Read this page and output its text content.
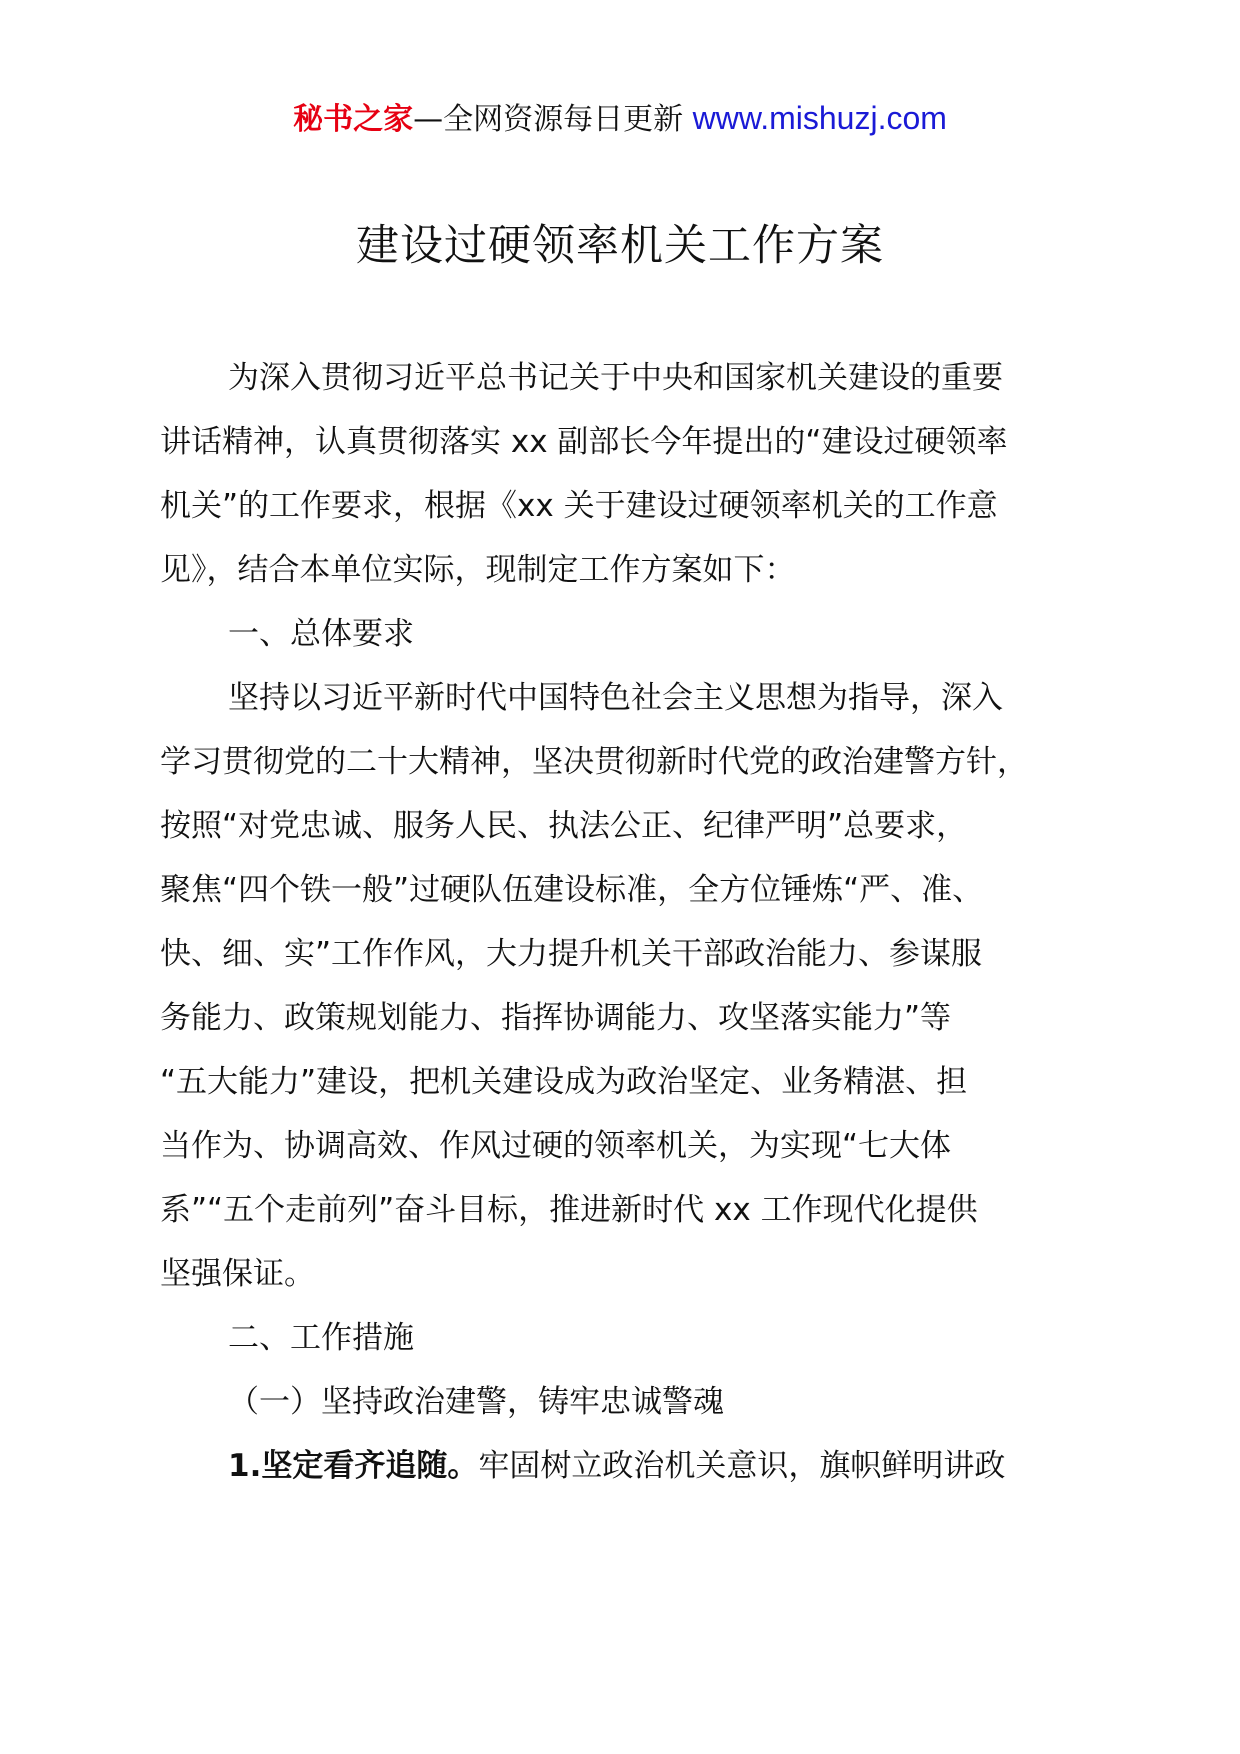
秘书之家—全网资源每日更新 www.mishuzj.com
建设过硬领率机关工作方案
为深入贯彻习近平总书记关于中央和国家机关建设的重要
讲话精神，认真贯彻落实 xx 副部长今年提出的“建设过硬领率
机关”的工作要求，根据《xx 关于建设过硬领率机关的工作意
见》，结合本单位实际，现制定工作方案如下：
一、总体要求
坚持以习近平新时代中国特色社会主义思想为指导，深入
学习贯彻党的二十大精神，坚决贯彻新时代党的政治建警方针，
按照“对党忠诚、服务人民、执法公正、纪律严明”总要求，
聚焦“四个铁一般”过硬队伍建设标准，全方位锤炼“严、准、
快、细、实”工作作风，大力提升机关干部政治能力、参谋服
务能力、政策规划能力、指挥协调能力、攻坚落实能力”等
“五大能力”建设，把机关建设成为政治坚定、业务精湛、担
当作为、协调高效、作风过硬的领率机关，为实现“七大体
系”“五个走前列”奋斗目标，推进新时代 xx 工作现代化提供
坚强保证。
二、工作措施
（一）坚持政治建警，铸牢忠诚警魂
1.坚定看齐追随。牢固树立政治机关意识，旗帜鲜明讲政
